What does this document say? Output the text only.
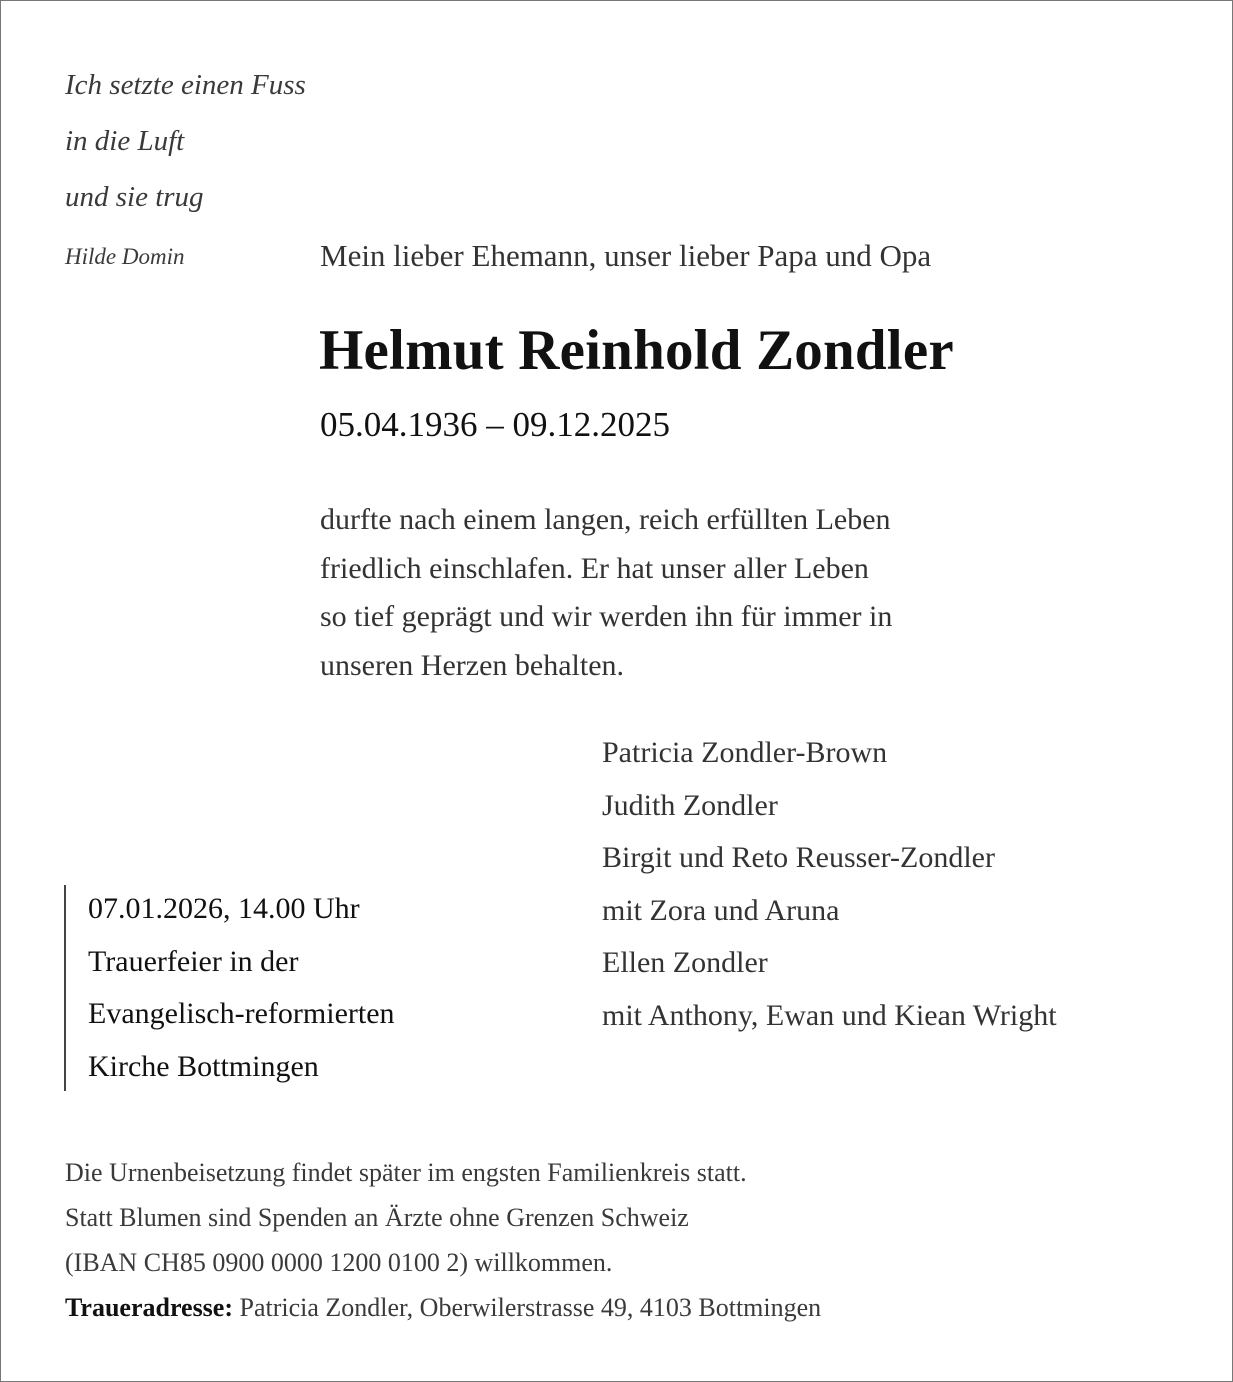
Ich setzte einen Fuss
in die Luft
und sie trug
Hilde Domin	Mein lieber Ehemann, unser lieber Papa und Opa
Helmut Reinhold Zondler
05.04.1936 – 09.12.2025
durfte nach einem langen, reich erfüllten Leben
friedlich einschlafen. Er hat unser aller Leben
so tief geprägt und wir werden ihn für immer in
unseren Herzen behalten.
Patricia Zondler-Brown
Judith Zondler
Birgit und Reto Reusser-Zondler
mit Zora und Aruna
Ellen Zondler
mit Anthony, Ewan und Kiean Wright
07.01.2026, 14.00 Uhr
Trauerfeier in der
Evangelisch-reformierten
Kirche Bottmingen
Die Urnenbeisetzung findet später im engsten Familienkreis statt.
Statt Blumen sind Spenden an Ärzte ohne Grenzen Schweiz
(IBAN CH85 0900 0000 1200 0100 2) willkommen.
Traueradresse: Patricia Zondler, Oberwilerstrasse 49, 4103 Bottmingen
